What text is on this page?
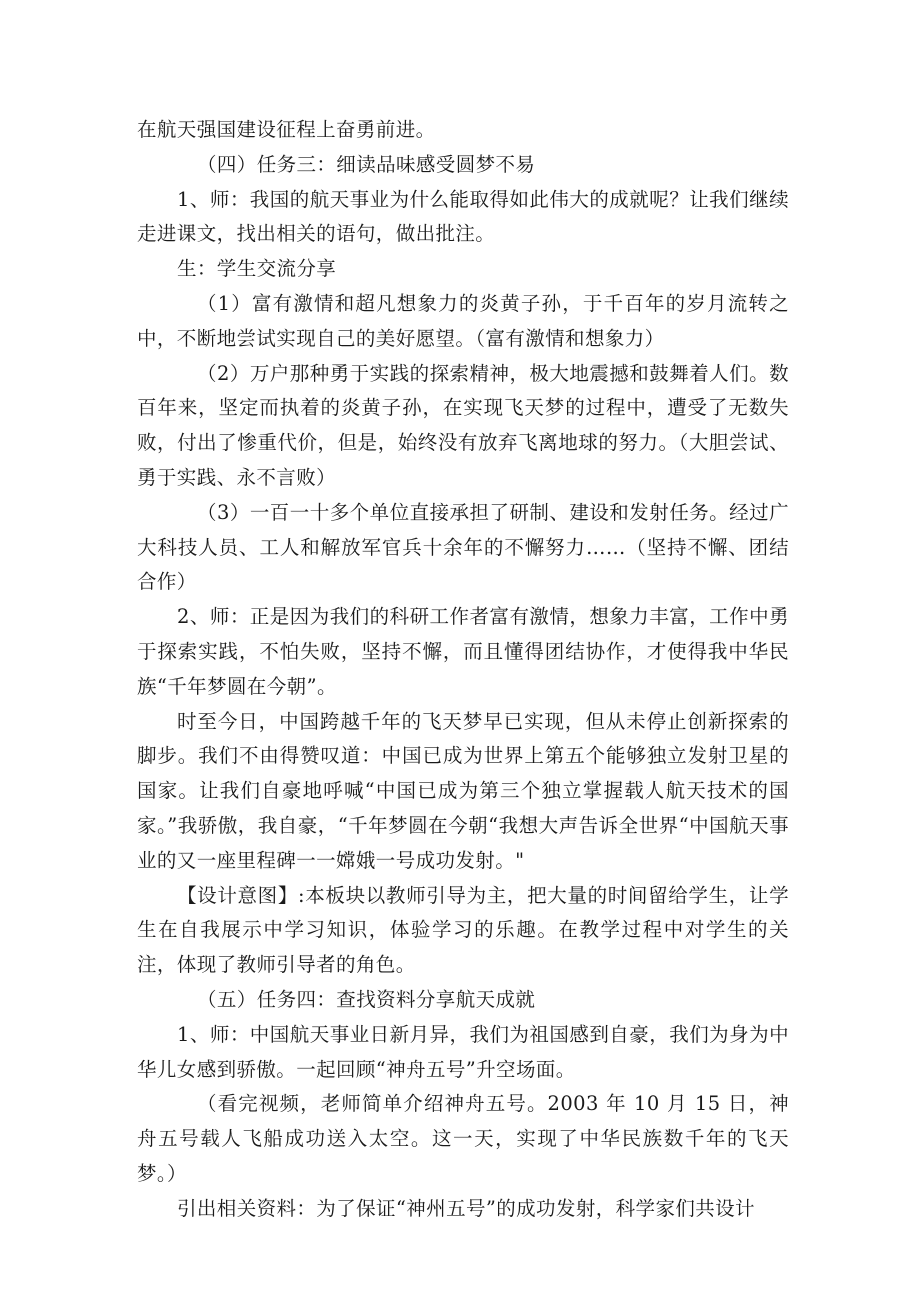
在航天强国建设征程上奋勇前进。

（四）任务三：细读品味感受圆梦不易

1、师：我国的航天事业为什么能取得如此伟大的成就呢？让我们继续走进课文，找出相关的语句，做出批注。

生：学生交流分享

（1）富有激情和超凡想象力的炎黄子孙，于千百年的岁月流转之中，不断地尝试实现自己的美好愿望。（富有激情和想象力）

（2）万户那种勇于实践的探索精神，极大地震撼和鼓舞着人们。数百年来，坚定而执着的炎黄子孙，在实现飞天梦的过程中，遭受了无数失败，付出了惨重代价，但是，始终没有放弃飞离地球的努力。（大胆尝试、勇于实践、永不言败）

（3）一百一十多个单位直接承担了研制、建设和发射任务。经过广大科技人员、工人和解放军官兵十余年的不懈努力……（坚持不懈、团结合作）

2、师：正是因为我们的科研工作者富有激情，想象力丰富，工作中勇于探索实践，不怕失败，坚持不懈，而且懂得团结协作，才使得我中华民族“千年梦圆在今朝”。

时至今日，中国跨越千年的飞天梦早已实现，但从未停止创新探索的脚步。我们不由得赞叹道：中国已成为世界上第五个能够独立发射卫星的国家。让我们自豪地呼喊“中国已成为第三个独立掌握载人航天技术的国家。”我骄傲，我自豪，“千年梦圆在今朝“我想大声告诉全世界“中国航天事业的又一座里程碑一一嫦娥一号成功发射。"

【设计意图】:本板块以教师引导为主，把大量的时间留给学生，让学生在自我展示中学习知识，体验学习的乐趣。在教学过程中对学生的关注，体现了教师引导者的角色。

（五）任务四：查找资料分享航天成就

1、师：中国航天事业日新月异，我们为祖国感到自豪，我们为身为中华儿女感到骄傲。一起回顾“神舟五号”升空场面。

（看完视频，老师简单介绍神舟五号。2003 年 10 月 15 日，神舟五号载人飞船成功送入太空。这一天，实现了中华民族数千年的飞天梦。）

引出相关资料：为了保证“神州五号”的成功发射，科学家们共设计
